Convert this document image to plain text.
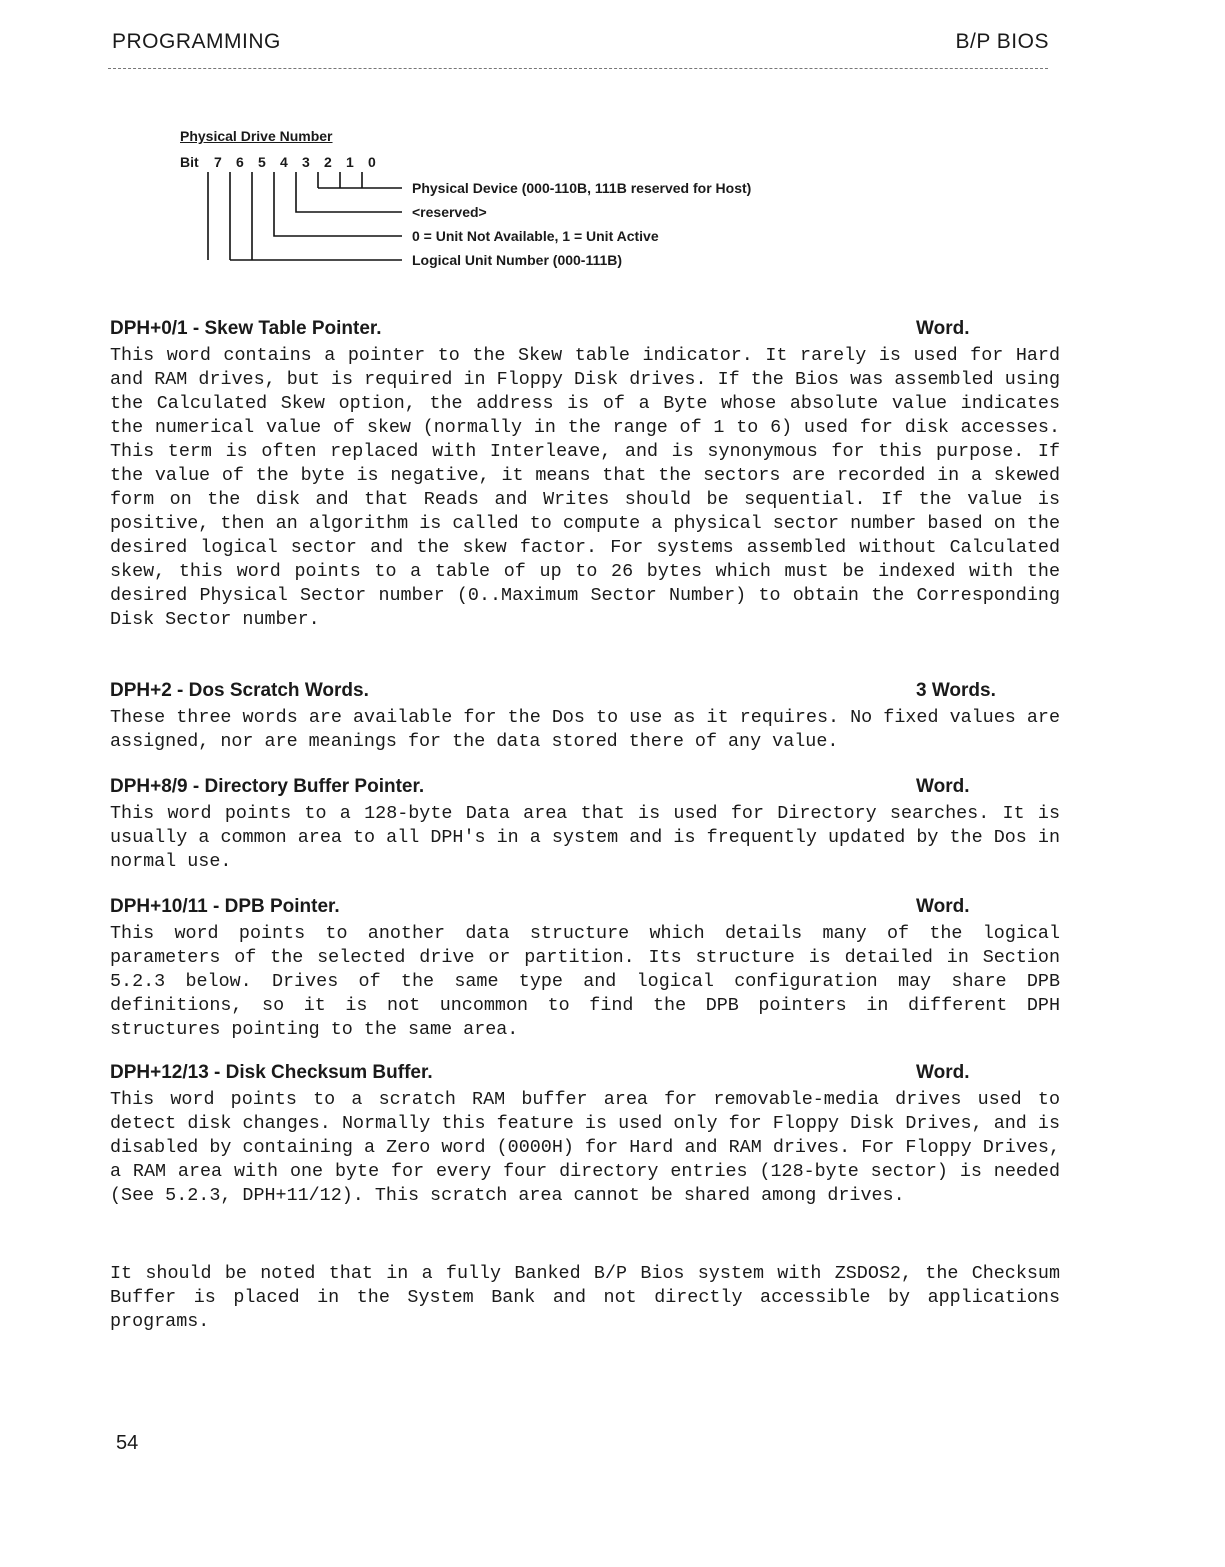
PROGRAMMING	B/P BIOS
Physical Drive Number
Bit 7 6 5 4 3 2 1 0
Physical Device (000-110B, 111B reserved for Host)
<reserved>
0 = Unit Not Available, 1 = Unit Active
Logical Unit Number (000-111B)
DPH+0/1 - Skew Table Pointer.	Word.
This word contains a pointer to the Skew table indicator. It rarely is used for Hard and RAM drives, but is required in Floppy Disk drives. If the Bios was assembled using the Calculated Skew option, the address is of a Byte whose absolute value indicates the numerical value of skew (normally in the range of 1 to 6) used for disk accesses. This term is often replaced with Interleave, and is synonymous for this purpose. If the value of the byte is negative, it means that the sectors are recorded in a skewed form on the disk and that Reads and Writes should be sequential. If the value is positive, then an algorithm is called to compute a physical sector number based on the desired logical sector and the skew factor. For systems assembled without Calculated skew, this word points to a table of up to 26 bytes which must be indexed with the desired Physical Sector number (0..Maximum Sector Number) to obtain the Corresponding Disk Sector number.
DPH+2 - Dos Scratch Words.	3 Words.
These three words are available for the Dos to use as it requires. No fixed values are assigned, nor are meanings for the data stored there of any value.
DPH+8/9 - Directory Buffer Pointer.	Word.
This word points to a 128-byte Data area that is used for Directory searches. It is usually a common area to all DPH's in a system and is frequently updated by the Dos in normal use.
DPH+10/11 - DPB Pointer.	Word.
This word points to another data structure which details many of the logical parameters of the selected drive or partition. Its structure is detailed in Section 5.2.3 below. Drives of the same type and logical configuration may share DPB definitions, so it is not uncommon to find the DPB pointers in different DPH structures pointing to the same area.
DPH+12/13 - Disk Checksum Buffer.	Word.
This word points to a scratch RAM buffer area for removable-media drives used to detect disk changes. Normally this feature is used only for Floppy Disk Drives, and is disabled by containing a Zero word (0000H) for Hard and RAM drives. For Floppy Drives, a RAM area with one byte for every four directory entries (128-byte sector) is needed (See 5.2.3, DPH+11/12). This scratch area cannot be shared among drives.
It should be noted that in a fully Banked B/P Bios system with ZSDOS2, the Checksum Buffer is placed in the System Bank and not directly accessible by applications programs.
54
